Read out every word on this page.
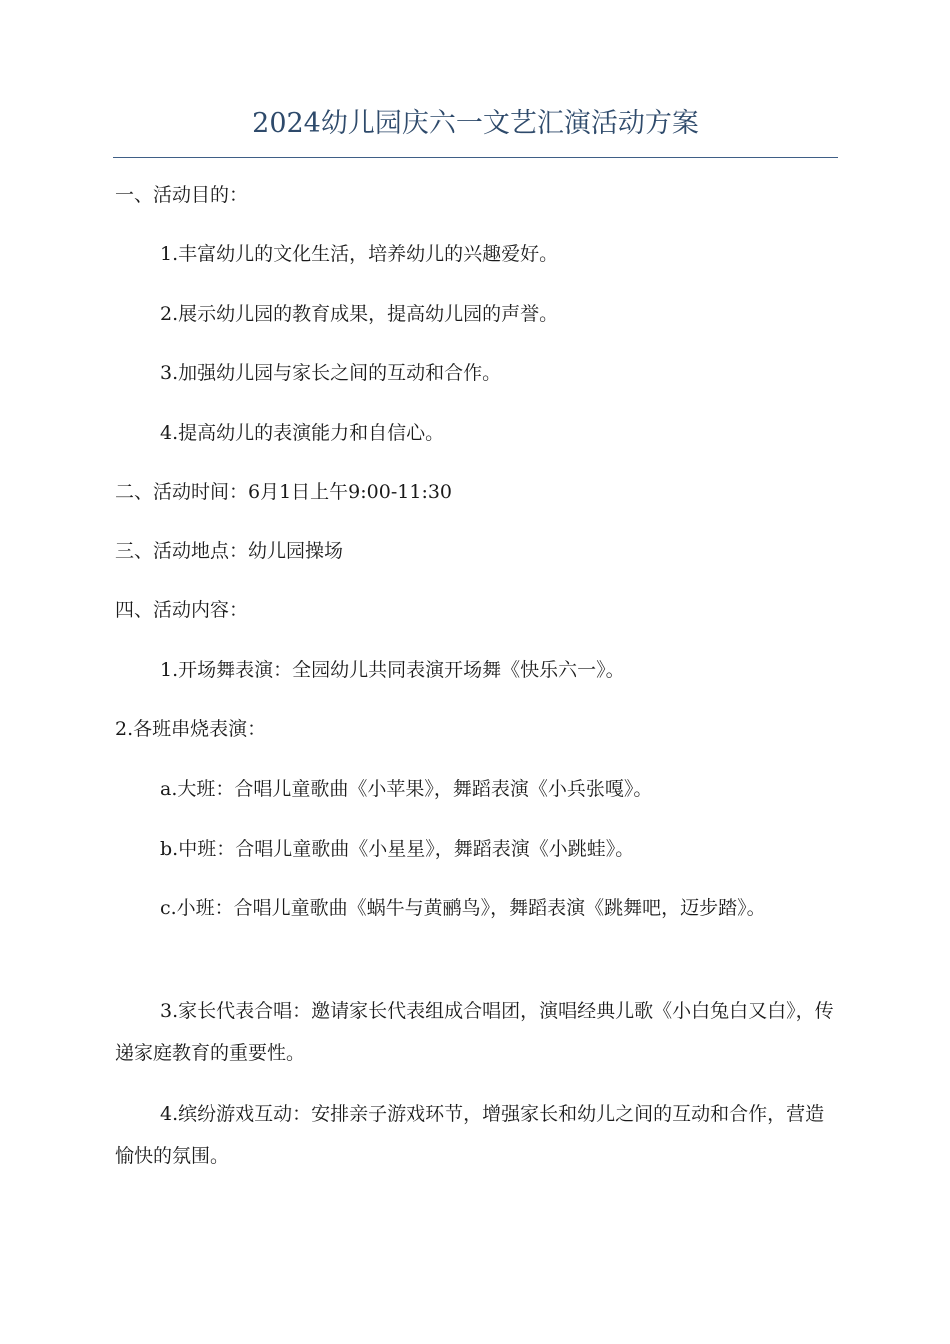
2024幼儿园庆六一文艺汇演活动方案

一、活动目的：

1.丰富幼儿的文化生活，培养幼儿的兴趣爱好。

2.展示幼儿园的教育成果，提高幼儿园的声誉。

3.加强幼儿园与家长之间的互动和合作。

4.提高幼儿的表演能力和自信心。

二、活动时间：6月1日上午9:00-11:30

三、活动地点：幼儿园操场

四、活动内容：

1.开场舞表演：全园幼儿共同表演开场舞《快乐六一》。

2.各班串烧表演：

a.大班：合唱儿童歌曲《小苹果》，舞蹈表演《小兵张嘎》。

b.中班：合唱儿童歌曲《小星星》，舞蹈表演《小跳蛙》。

c.小班：合唱儿童歌曲《蜗牛与黄鹂鸟》，舞蹈表演《跳舞吧，迈步踏》。

3.家长代表合唱：邀请家长代表组成合唱团，演唱经典儿歌《小白兔白又白》，传递家庭教育的重要性。

4.缤纷游戏互动：安排亲子游戏环节，增强家长和幼儿之间的互动和合作，营造愉快的氛围。
